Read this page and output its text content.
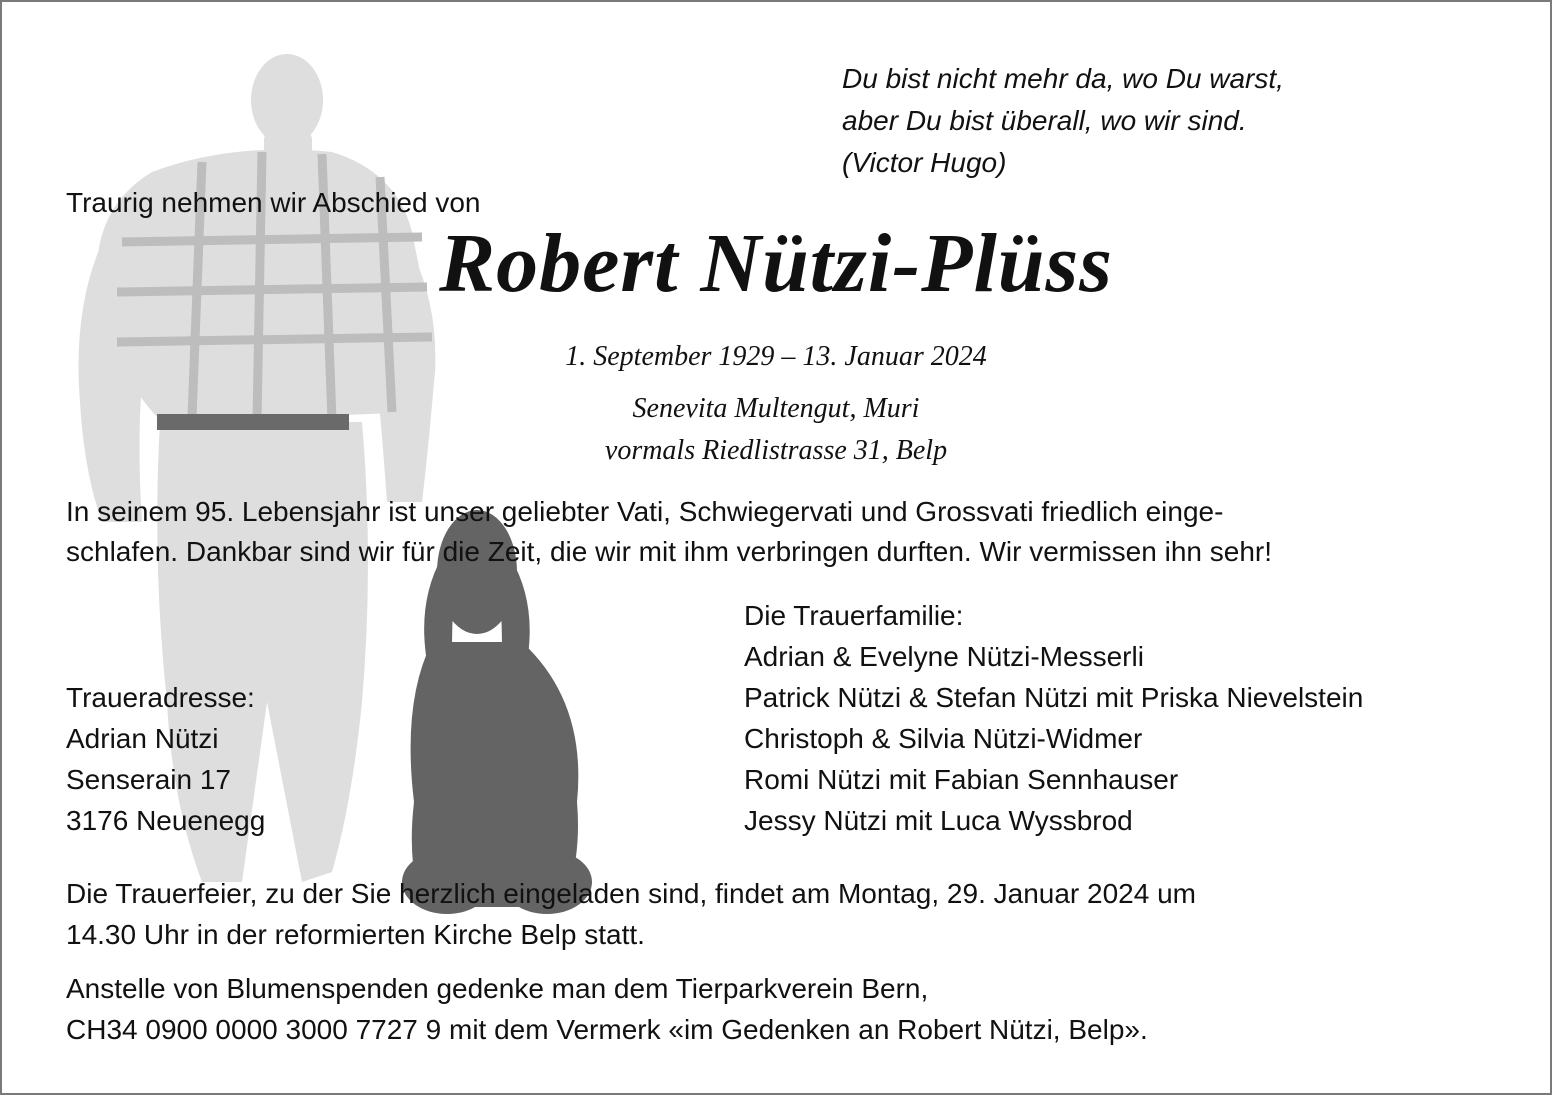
Du bist nicht mehr da, wo Du warst,
aber Du bist überall, wo wir sind.
(Victor Hugo)
Traurig nehmen wir Abschied von
Robert Nützi-Plüss
1. September 1929 – 13. Januar 2024
Senevita Multengut, Muri
vormals Riedlistrasse 31, Belp
In seinem 95. Lebensjahr ist unser geliebter Vati, Schwiegervati und Grossvati friedlich einge-
schlafen. Dankbar sind wir für die Zeit, die wir mit ihm verbringen durften. Wir vermissen ihn sehr!
Traueradresse:
Adrian Nützi
Senserain 17
3176 Neuenegg
Die Trauerfamilie:
Adrian & Evelyne Nützi-Messerli
Patrick Nützi & Stefan Nützi mit Priska Nievelstein
Christoph & Silvia Nützi-Widmer
Romi Nützi mit Fabian Sennhauser
Jessy Nützi mit Luca Wyssbrod
Die Trauerfeier, zu der Sie herzlich eingeladen sind, findet am Montag, 29. Januar 2024 um
14.30 Uhr in der reformierten Kirche Belp statt.
Anstelle von Blumenspenden gedenke man dem Tierparkverein Bern,
CH34 0900 0000 3000 7727 9 mit dem Vermerk «im Gedenken an Robert Nützi, Belp».
